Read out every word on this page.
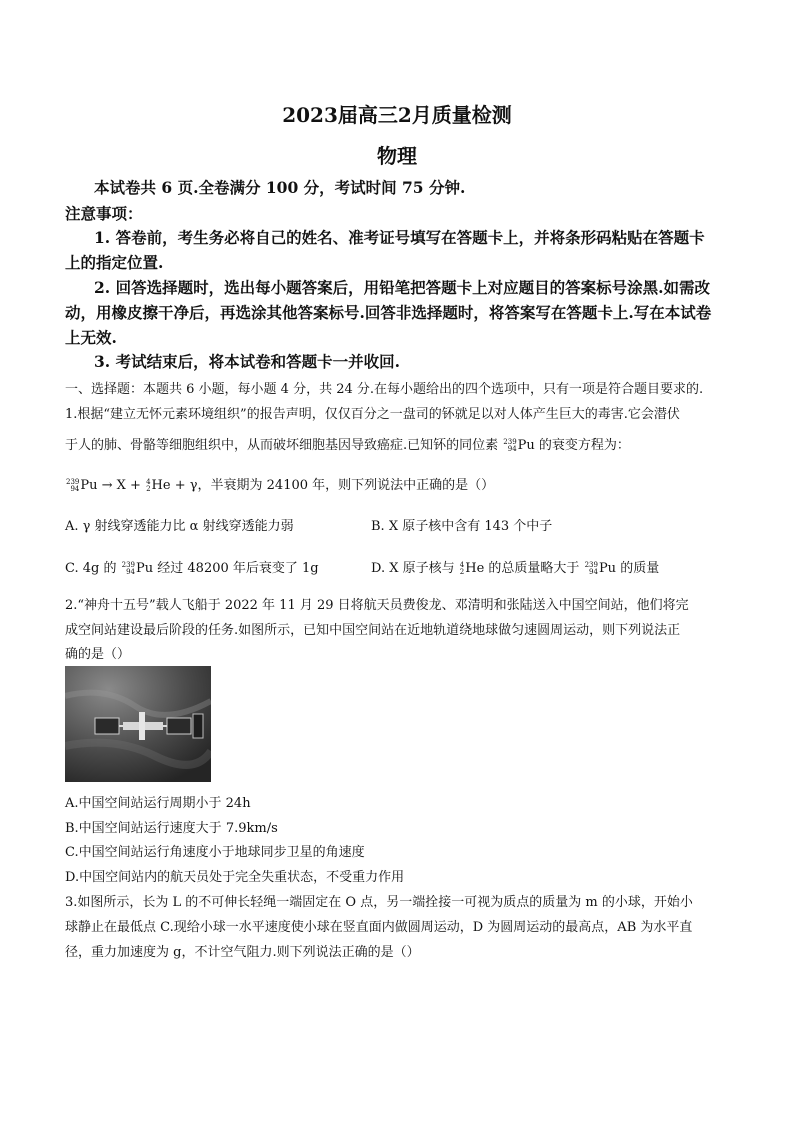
2023届高三2月质量检测
物理
本试卷共 6 页.全卷满分 100 分，考试时间 75 分钟.
注意事项：
1. 答卷前，考生务必将自己的姓名、准考证号填写在答题卡上，并将条形码粘贴在答题卡
上的指定位置.
2. 回答选择题时，选出每小题答案后，用铅笔把答题卡上对应题目的答案标号涂黑.如需改
动，用橡皮擦干净后，再选涂其他答案标号.回答非选择题时，将答案写在答题卡上.写在本试卷
上无效.
3. 考试结束后，将本试卷和答题卡一并收回.
一、选择题：本题共 6 小题，每小题 4 分，共 24 分.在每小题给出的四个选项中，只有一项是符合题目要求的.
1.根据“建立无怀元素环境组织”的报告声明，仅仅百分之一盘司的钚就足以对人体产生巨大的毒害.它会潜伏
于人的肺、骨骼等细胞组织中，从而破坏细胞基因导致癌症.已知钚的同位素 239
94 Pu 的衰变方程为：
239
94 Pu → X + 4
2 He + γ，半衰期为 24100 年，则下列说法中正确的是（）
A. γ 射线穿透能力比 α 射线穿透能力弱	B. X 原子核中含有 143 个中子
C. 4g 的 239
94 Pu 经过 48200 年后衰变了 1g	D. X 原子核与 4
2 He 的总质量略大于 239
94 Pu 的质量
2.“神舟十五号”载人飞船于 2022 年 11 月 29 日将航天员费俊龙、邓清明和张陆送入中国空间站，他们将完
成空间站建设最后阶段的任务.如图所示，已知中国空间站在近地轨道绕地球做匀速圆周运动，则下列说法正
确的是（）
A.中国空间站运行周期小于 24h
B.中国空间站运行速度大于 7.9km/s
C.中国空间站运行角速度小于地球同步卫星的角速度
D.中国空间站内的航天员处于完全失重状态，不受重力作用
3.如图所示，长为 L 的不可伸长轻绳一端固定在 O 点，另一端拴接一可视为质点的质量为 m 的小球，开始小
球静止在最低点 C.现给小球一水平速度使小球在竖直面内做圆周运动，D 为圆周运动的最高点，AB 为水平直
径，重力加速度为 g，不计空气阻力.则下列说法正确的是（）
